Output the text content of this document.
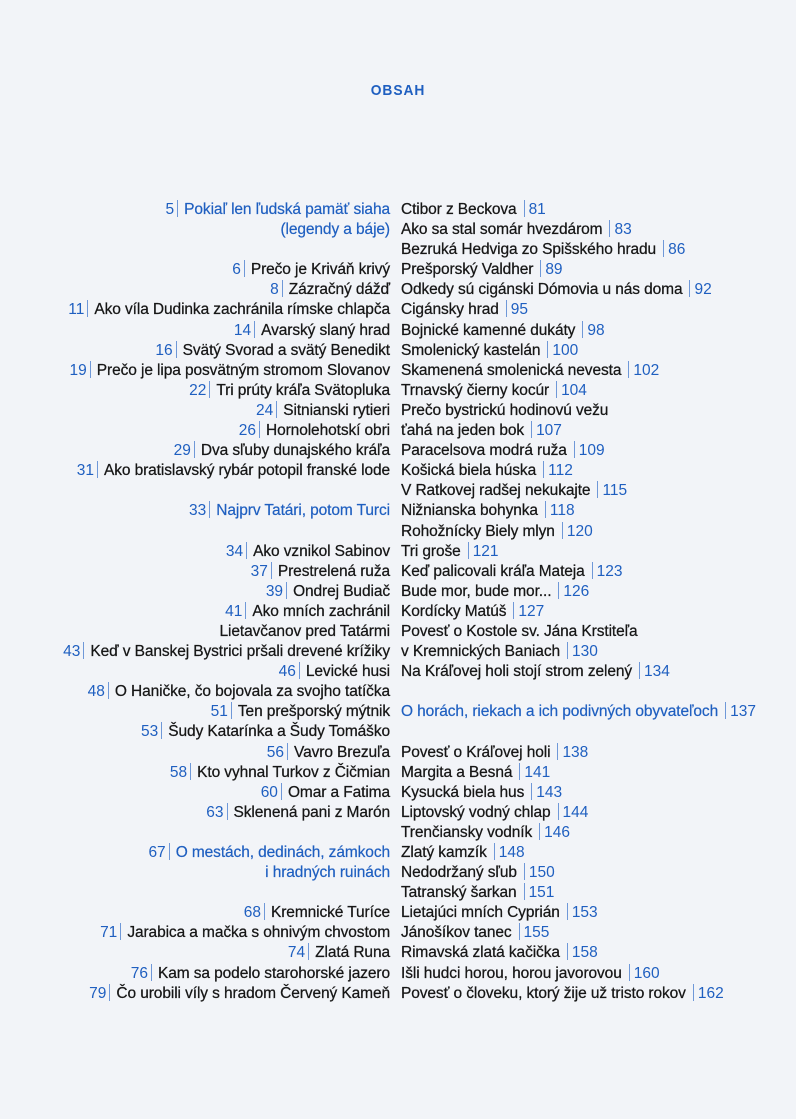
OBSAH
5 Pokiaľ len ľudská pamäť siaha
(legendy a báje)
6 Prečo je Kriváň krivý
8 Zázračný dážď
11 Ako víla Dudinka zachránila rímske chlapča
14 Avarský slaný hrad
16 Svätý Svorad a svätý Benedikt
19 Prečo je lipa posvätným stromom Slovanov
22 Tri prúty kráľa Svätopluka
24 Sitnianski rytieri
26 Hornolehotskí obri
29 Dva sľuby dunajského kráľa
31 Ako bratislavský rybár potopil franské lode
33 Najprv Tatári, potom Turci
34 Ako vznikol Sabinov
37 Prestrelená ruža
39 Ondrej Budiač
41 Ako mních zachránil
Lietavčanov pred Tatármi
43 Keď v Banskej Bystrici pršali drevené krížiky
46 Levické husi
48 O Haničke, čo bojovala za svojho tatíčka
51 Ten prešporský mýtnik
53 Šudy Katarínka a Šudy Tomáško
56 Vavro Brezuľa
58 Kto vyhnal Turkov z Čičmian
60 Omar a Fatima
63 Sklenená pani z Marón
67 O mestách, dedinách, zámkoch
i hradných ruinách
68 Kremnické Turíce
71 Jarabica a mačka s ohnivým chvostom
74 Zlatá Runa
76 Kam sa podelo starohorské jazero
79 Čo urobili víly s hradom Červený Kameň
Ctibor z Beckova 81
Ako sa stal somár hvezdárom 83
Bezruká Hedviga zo Spišského hradu 86
Prešporský Valdher 89
Odkedy sú cigánski Dómovia u nás doma 92
Cigánsky hrad 95
Bojnické kamenné dukáty 98
Smolenický kastelán 100
Skamenená smolenická nevesta 102
Trnavský čierny kocúr 104
Prečo bystrickú hodinovú vežu
ťahá na jeden bok 107
Paracelsova modrá ruža 109
Košická biela húska 112
V Ratkovej radšej nekukajte 115
Nižnianska bohynka 118
Rohožnícky Biely mlyn 120
Tri groše 121
Keď palicovali kráľa Mateja 123
Bude mor, bude mor... 126
Kordícky Matúš 127
Povesť o Kostole sv. Jána Krstiteľa
v Kremnických Baniach 130
Na Kráľovej holi stojí strom zelený 134
O horách, riekach a ich podivných obyvateľoch 137
Povesť o Kráľovej holi 138
Margita a Besná 141
Kysucká biela hus 143
Liptovský vodný chlap 144
Trenčiansky vodník 146
Zlatý kamzík 148
Nedodržaný sľub 150
Tatranský šarkan 151
Lietajúci mních Cyprián 153
Jánošíkov tanec 155
Rimavská zlatá kačička 158
Išli hudci horou, horou javorovou 160
Povesť o človeku, ktorý žije už tristo rokov 162
